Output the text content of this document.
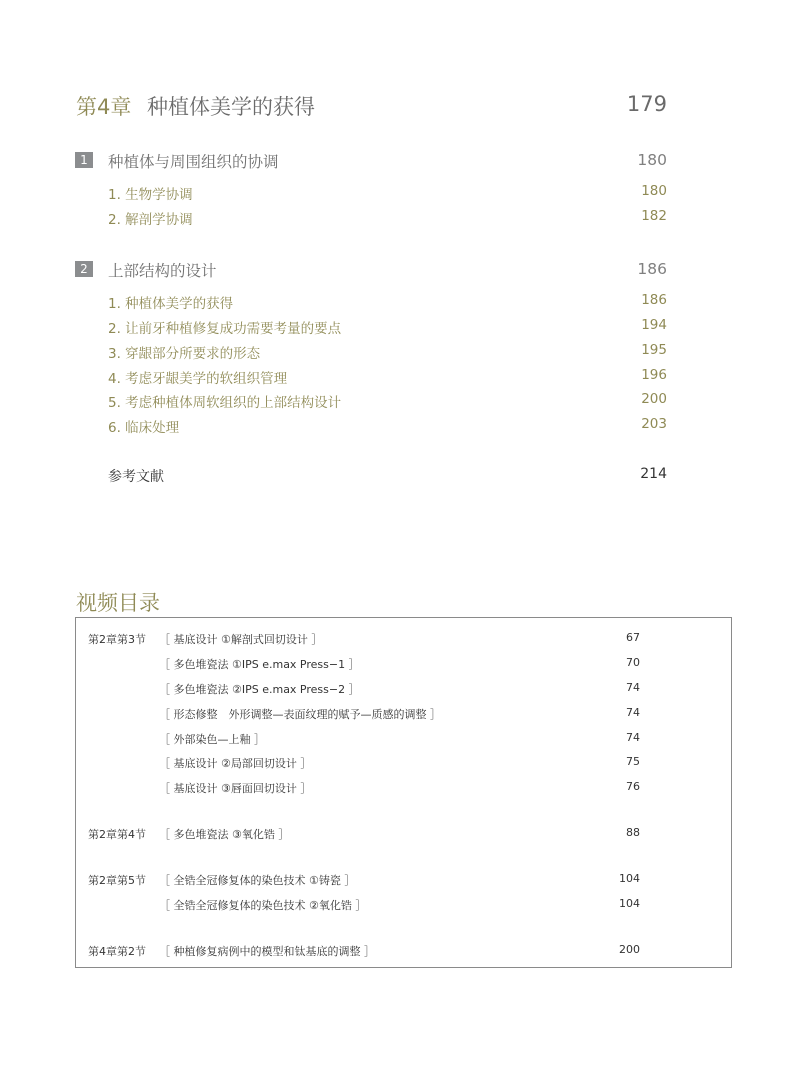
第4章 种植体美学的获得	179
1	种植体与周围组织的协调	180
1. 生物学协调	180
2. 解剖学协调	182
2	上部结构的设计	186
1. 种植体美学的获得	186
2. 让前牙种植修复成功需要考量的要点	194
3. 穿龈部分所要求的形态	195
4. 考虑牙龈美学的软组织管理	196
5. 考虑种植体周软组织的上部结构设计	200
6. 临床处理	203
参考文献	214
视频目录
第2章第3节 ［ 基底设计 ①解剖式回切设计 ］	67
［ 多色堆瓷法 ①IPS e.max Press−1 ］	70
［ 多色堆瓷法 ②IPS e.max Press−2 ］	74
［ 形态修整　外形调整—表面纹理的赋予—质感的调整 ］	74
［ 外部染色—上釉 ］	74
［ 基底设计 ②局部回切设计 ］	75
［ 基底设计 ③唇面回切设计 ］	76
第2章第4节 ［ 多色堆瓷法 ③氧化锆 ］	88
第2章第5节 ［ 全锆全冠修复体的染色技术 ①铸瓷 ］	104
［ 全锆全冠修复体的染色技术 ②氧化锆 ］	104
第4章第2节 ［ 种植修复病例中的模型和钛基底的调整 ］	200
